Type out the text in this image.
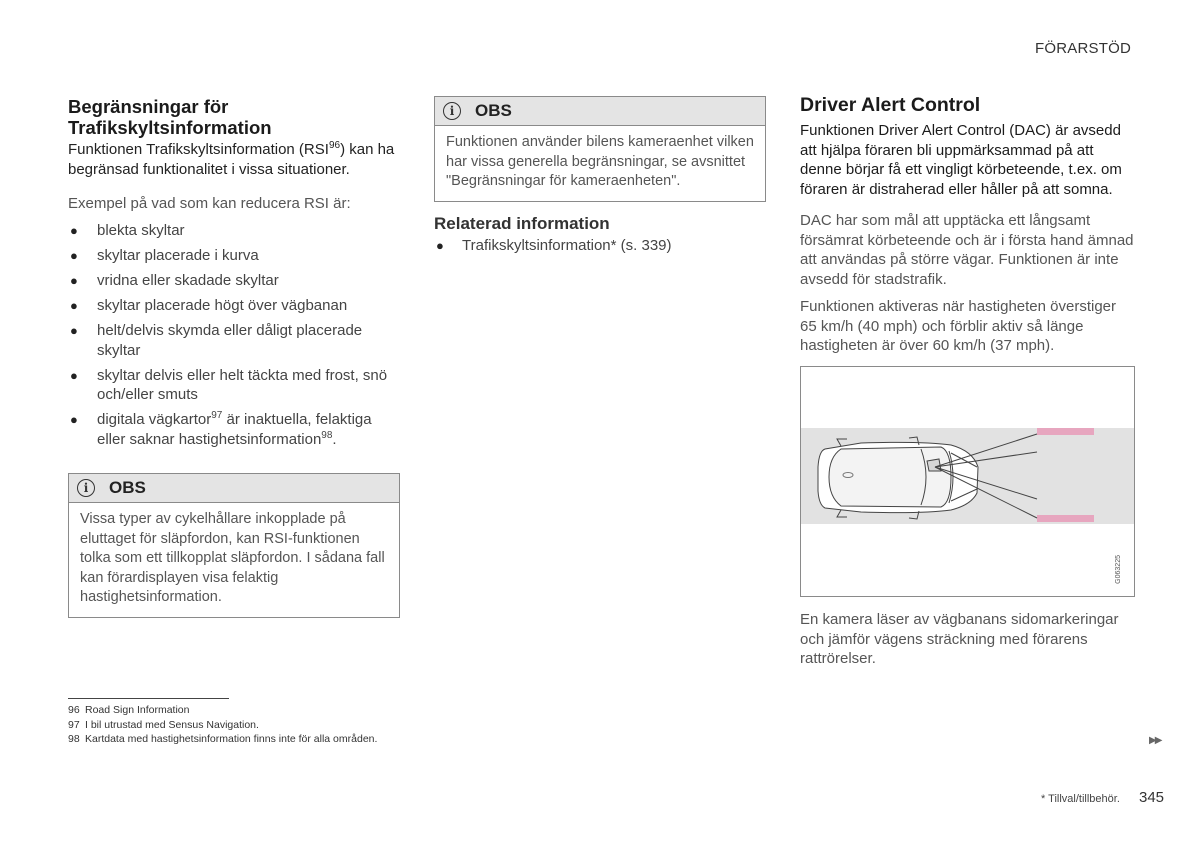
FÖRARSTÖD
Begränsningar för Trafikskyltsinformation
Funktionen Trafikskyltsinformation (RSI$^{96}$) kan ha begränsad funktionalitet i vissa situationer.
Exempel på vad som kan reducera RSI är:
● blekta skyltar
● skyltar placerade i kurva
● vridna eller skadade skyltar
● skyltar placerade högt över vägbanan
● helt/delvis skymda eller dåligt placerade skyltar
● skyltar delvis eller helt täckta med frost, snö och/eller smuts
● digitala vägkartor$^{97}$ är inaktuella, felaktiga eller saknar hastighetsinformation$^{98}$.
i	OBS
Vissa typer av cykelhållare inkopplade på eluttaget för släpfordon, kan RSI-funktionen tolka som ett tillkopplat släpfordon. I sådana fall kan förardisplayen visa felaktig hastighetsinformation.
i	OBS
Funktionen använder bilens kameraenhet vilken har vissa generella begränsningar, se avsnittet "Begränsningar för kameraenheten".
Relaterad information
● Trafikskyltsinformation* (s. 339)
Driver Alert Control
Funktionen Driver Alert Control (DAC) är avsedd att hjälpa föraren bli uppmärksammad på att denne börjar få ett vingligt körbeteende, t.ex. om föraren är distraherad eller håller på att somna.
DAC har som mål att upptäcka ett långsamt försämrat körbeteende och är i första hand ämnad att användas på större vägar. Funktionen är inte avsedd för stadstrafik.
Funktionen aktiveras när hastigheten överstiger 65 km/h (40 mph) och förblir aktiv så länge hastigheten är över 60 km/h (37 mph).
G063225
En kamera läser av vägbanans sidomarkeringar och jämför vägens sträckning med förarens rattrörelser.
96 Road Sign Information
97 I bil utrustad med Sensus Navigation.
98 Kartdata med hastighetsinformation finns inte för alla områden.	▶▶
* Tillval/tillbehör. 345
